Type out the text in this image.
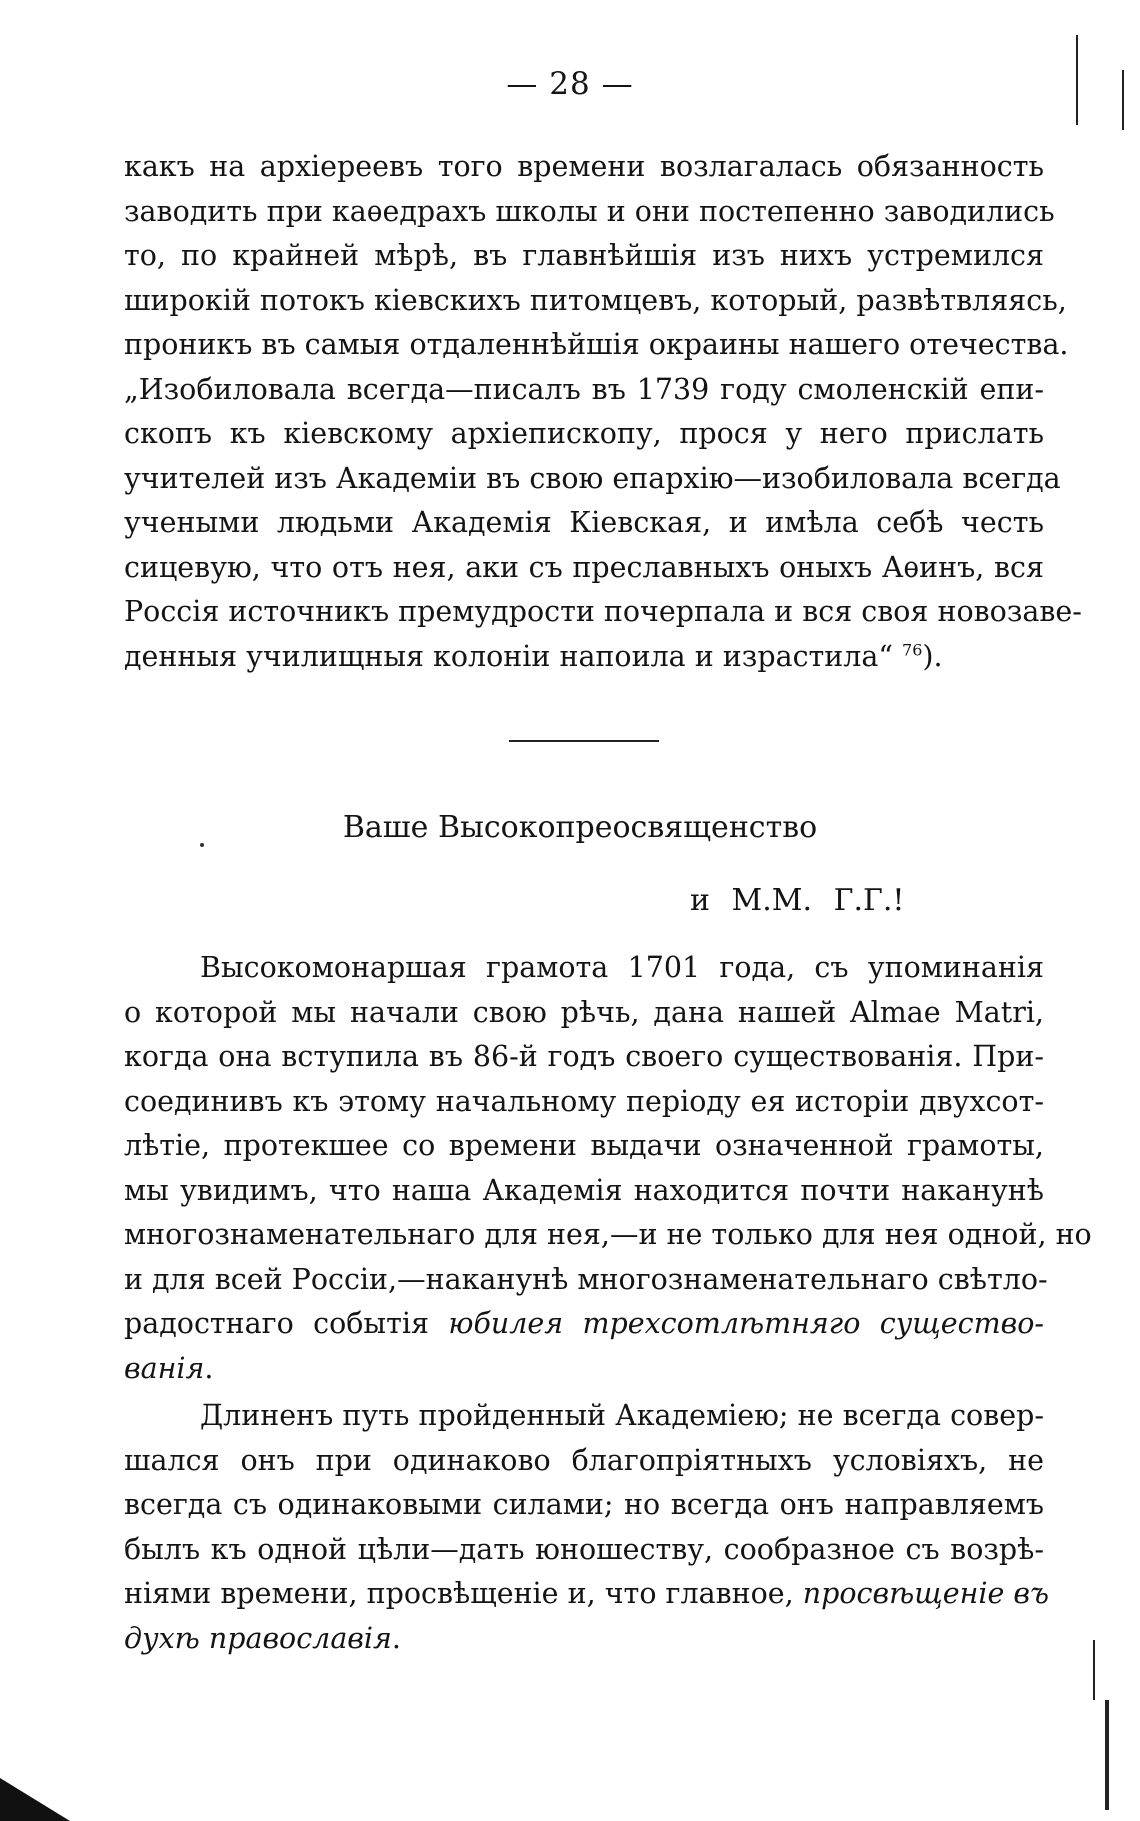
— 28 —
какъ на архіереевъ того времени возлагалась обязанность
заводить при каѳедрахъ школы и они постепенно заводились
то, по крайней мѣрѣ, въ главнѣйшія изъ нихъ устремился
широкій потокъ кіевскихъ питомцевъ, который, развѣтвляясь,
проникъ въ самыя отдаленнѣйшія окраины нашего отечества.
„Изобиловала всегда—писалъ въ 1739 году смоленскій епи-
скопъ къ кіевскому архіепископу, прося у него прислать
учителей изъ Академіи въ свою епархію—изобиловала всегда
учеными людьми Академія Кіевская, и имѣла себѣ честь
сицевую, что отъ нея, аки съ преславныхъ оныхъ Аѳинъ, вся
Россія источникъ премудрости почерпала и вся своя новозаве-
денныя училищныя колоніи напоила и израстила“ $^{76}$).
Ваше Высокопреосвященство
и М.М. Г.Г.!
Высокомонаршая грамота 1701 года, съ упоминанія
о которой мы начали свою рѣчь, дана нашей Almae Matri,
когда она вступила въ 86-й годъ своего существованія. При-
соединивъ къ этому начальному періоду ея исторіи двухсот-
лѣтіе, протекшее со времени выдачи означенной грамоты,
мы увидимъ, что наша Академія находится почти наканунѣ
многознаменательнаго для нея,—и не только для нея одной, но
и для всей Россіи,—наканунѣ многознаменательнаго свѣтло-
радостнаго событія юбилея трехсотлѣтняго существо-
ванія.
Длиненъ путь пройденный Академіею; не всегда совер-
шался онъ при одинаково благопріятныхъ условіяхъ, не
всегда съ одинаковыми силами; но всегда онъ направляемъ
былъ къ одной цѣли—дать юношеству, сообразное съ возрѣ-
ніями времени, просвѣщеніе и, что главное, просвѣщеніе въ
духѣ православія.
